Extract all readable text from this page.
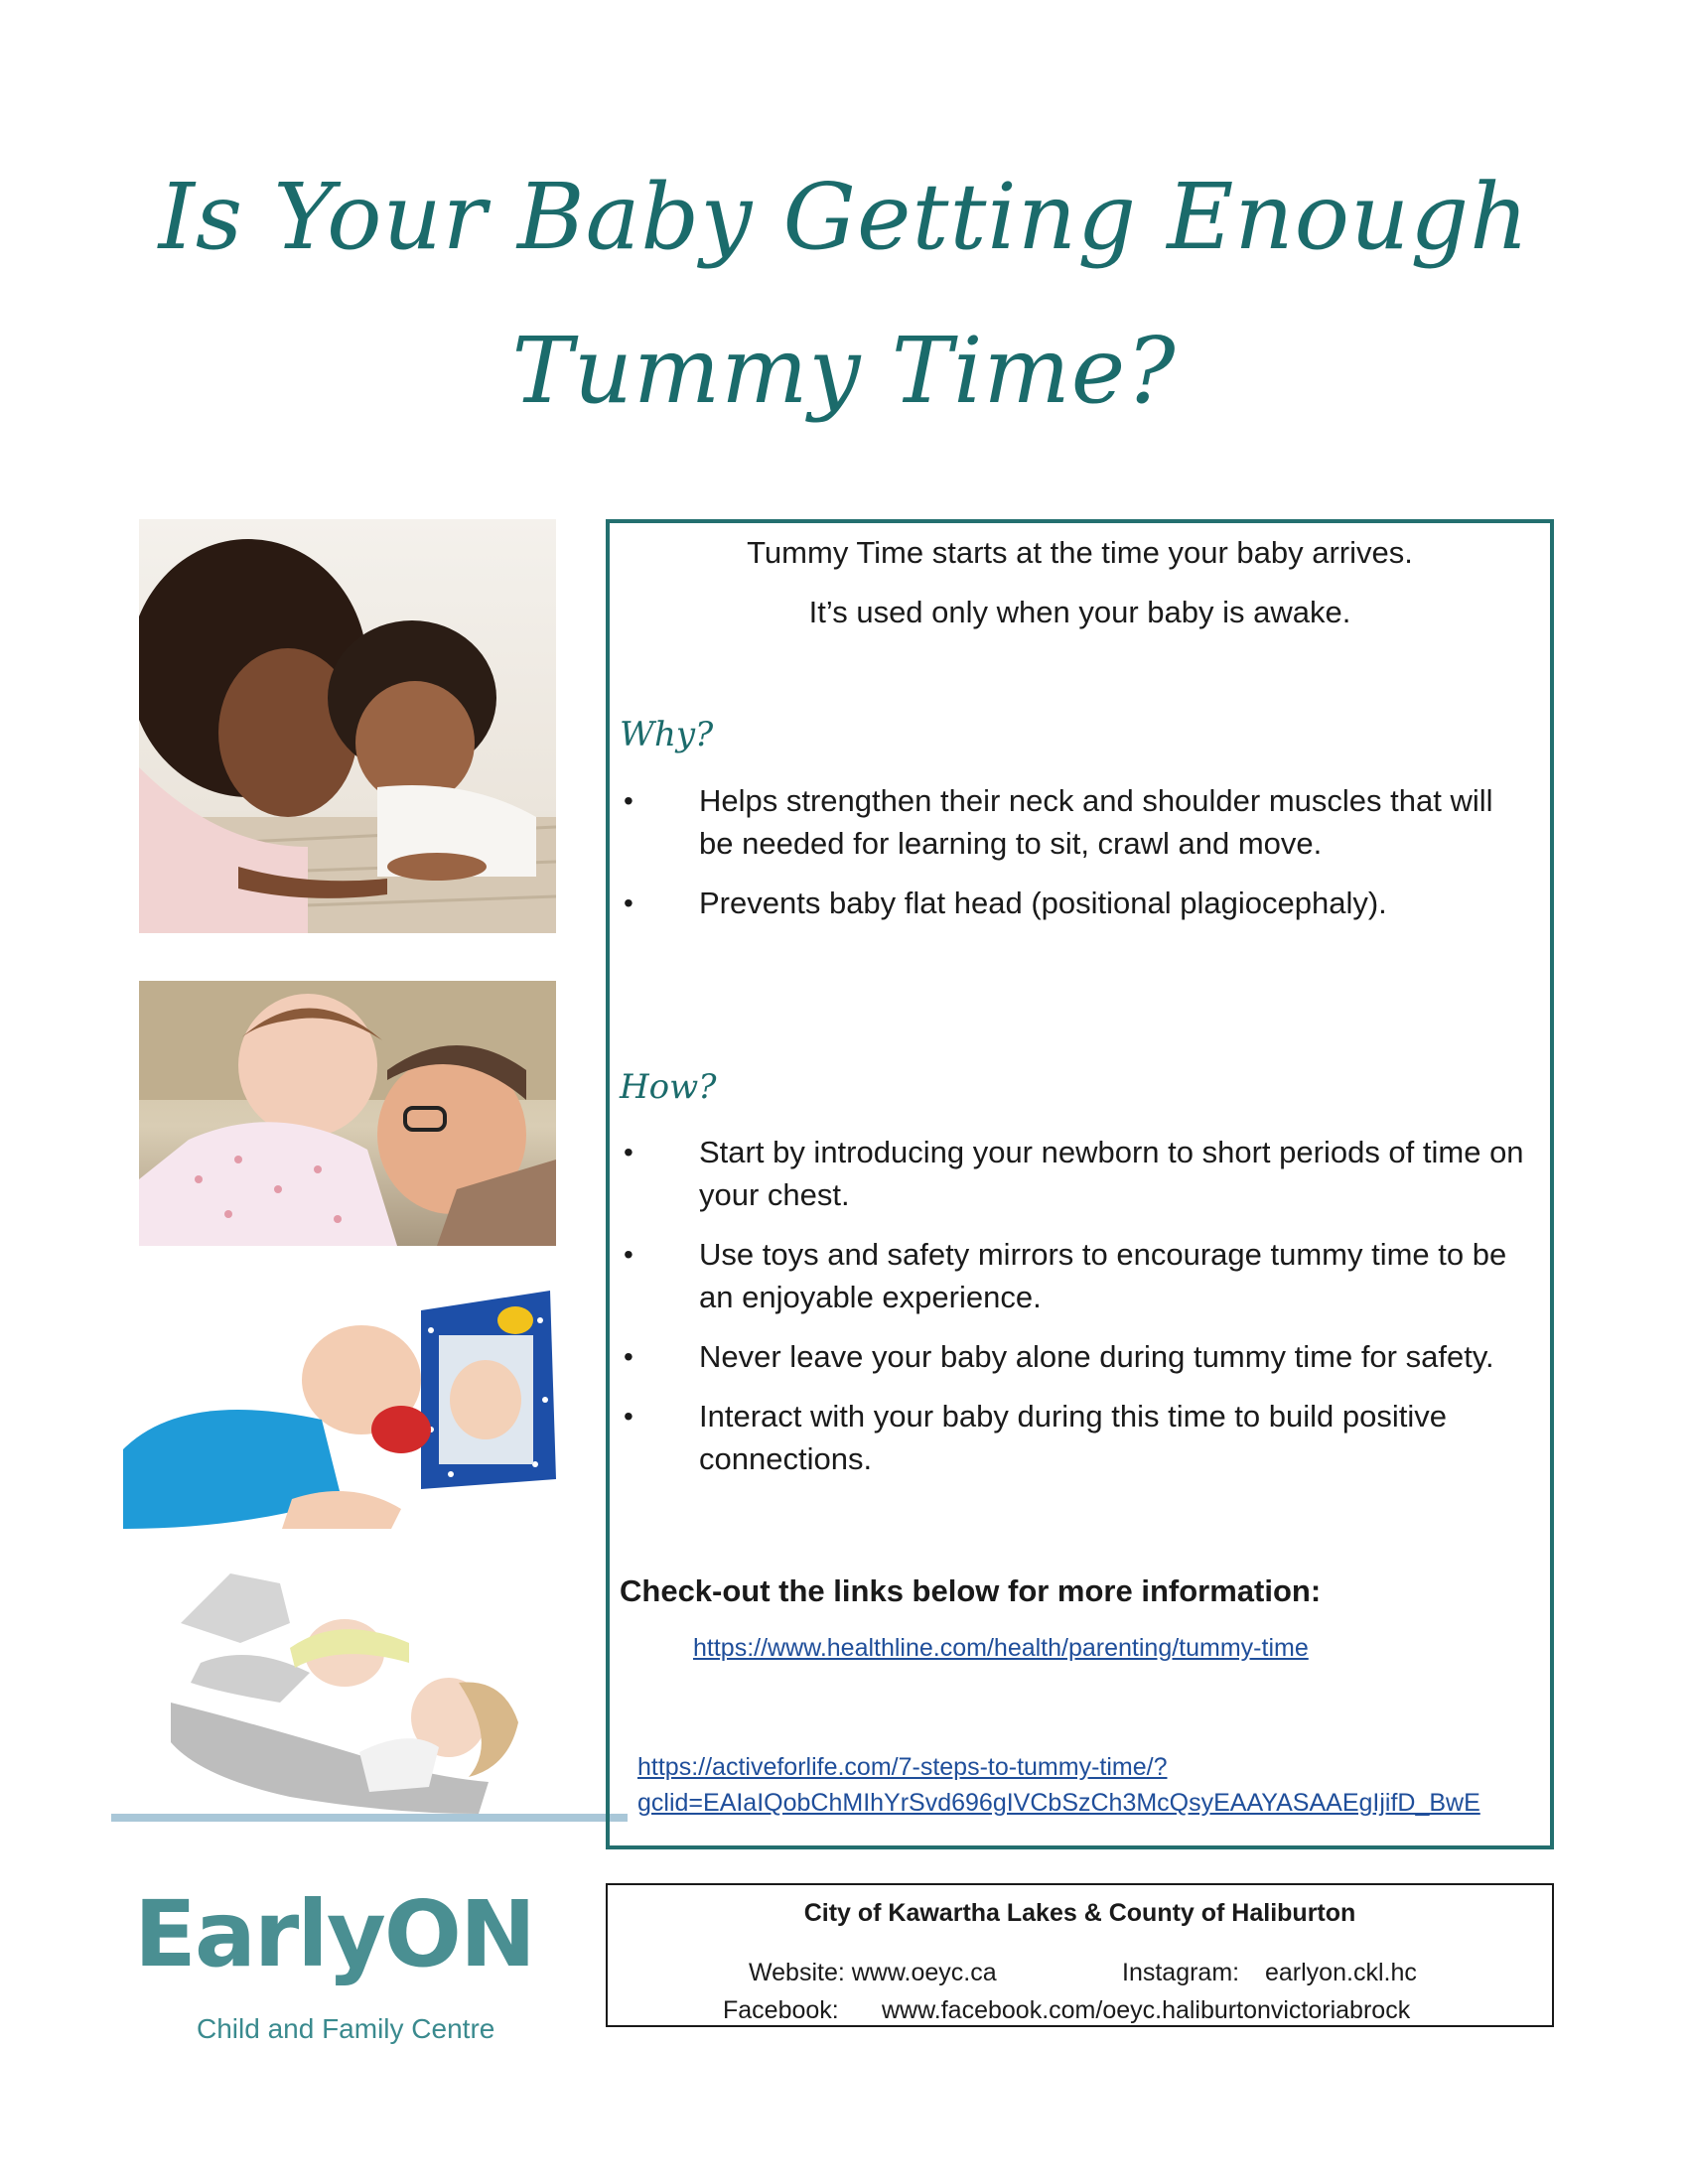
Is Your Baby Getting Enough
Tummy Time?
Tummy Time starts at the time your baby arrives.
It’s used only when your baby is awake.
Why?
• Helps strengthen their neck and shoulder muscles that will be needed for learning to sit, crawl and move.
• Prevents baby flat head (positional plagiocephaly).
How?
• Start by introducing your newborn to short periods of time on your chest.
• Use toys and safety mirrors to encourage tummy time to be an enjoyable experience.
• Never leave your baby alone during tummy time for safety.
• Interact with your baby during this time to build positive connections.
Check-out the links below for more information:
https://www.healthline.com/health/parenting/tummy-time
https://activeforlife.com/7-steps-to-tummy-time/?
gclid=EAIaIQobChMIhYrSvd696gIVCbSzCh3McQsyEAAYASAAEgIjifD_BwE
EarlyON
Child and Family Centre
City of Kawartha Lakes & County of Haliburton
Website: www.oeyc.ca	Instagram: earlyon.ckl.hc
Facebook: www.facebook.com/oeyc.haliburtonvictoriabrock
